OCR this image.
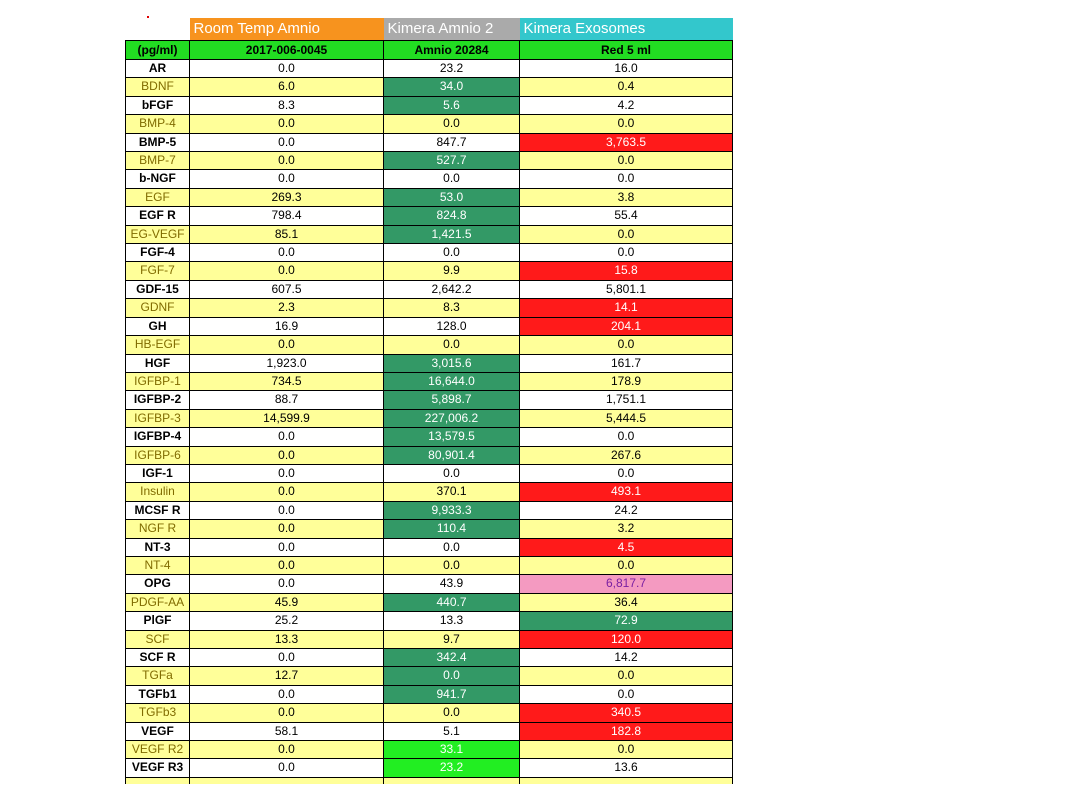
	Room Temp Amnio	Kimera Amnio 2	Kimera Exosomes
(pg/ml)	2017-006-0045	Amnio 20284	Red 5 ml
AR	0.0	23.2	16.0
BDNF	6.0	34.0	0.4
bFGF	8.3	5.6	4.2
BMP-4	0.0	0.0	0.0
BMP-5	0.0	847.7	3,763.5
BMP-7	0.0	527.7	0.0
b-NGF	0.0	0.0	0.0
EGF	269.3	53.0	3.8
EGF R	798.4	824.8	55.4
EG-VEGF	85.1	1,421.5	0.0
FGF-4	0.0	0.0	0.0
FGF-7	0.0	9.9	15.8
GDF-15	607.5	2,642.2	5,801.1
GDNF	2.3	8.3	14.1
GH	16.9	128.0	204.1
HB-EGF	0.0	0.0	0.0
HGF	1,923.0	3,015.6	161.7
IGFBP-1	734.5	16,644.0	178.9
IGFBP-2	88.7	5,898.7	1,751.1
IGFBP-3	14,599.9	227,006.2	5,444.5
IGFBP-4	0.0	13,579.5	0.0
IGFBP-6	0.0	80,901.4	267.6
IGF-1	0.0	0.0	0.0
Insulin	0.0	370.1	493.1
MCSF R	0.0	9,933.3	24.2
NGF R	0.0	110.4	3.2
NT-3	0.0	0.0	4.5
NT-4	0.0	0.0	0.0
OPG	0.0	43.9	6,817.7
PDGF-AA	45.9	440.7	36.4
PlGF	25.2	13.3	72.9
SCF	13.3	9.7	120.0
SCF R	0.0	342.4	14.2
TGFa	12.7	0.0	0.0
TGFb1	0.0	941.7	0.0
TGFb3	0.0	0.0	340.5
VEGF	58.1	5.1	182.8
VEGF R2	0.0	33.1	0.0
VEGF R3	0.0	23.2	13.6
